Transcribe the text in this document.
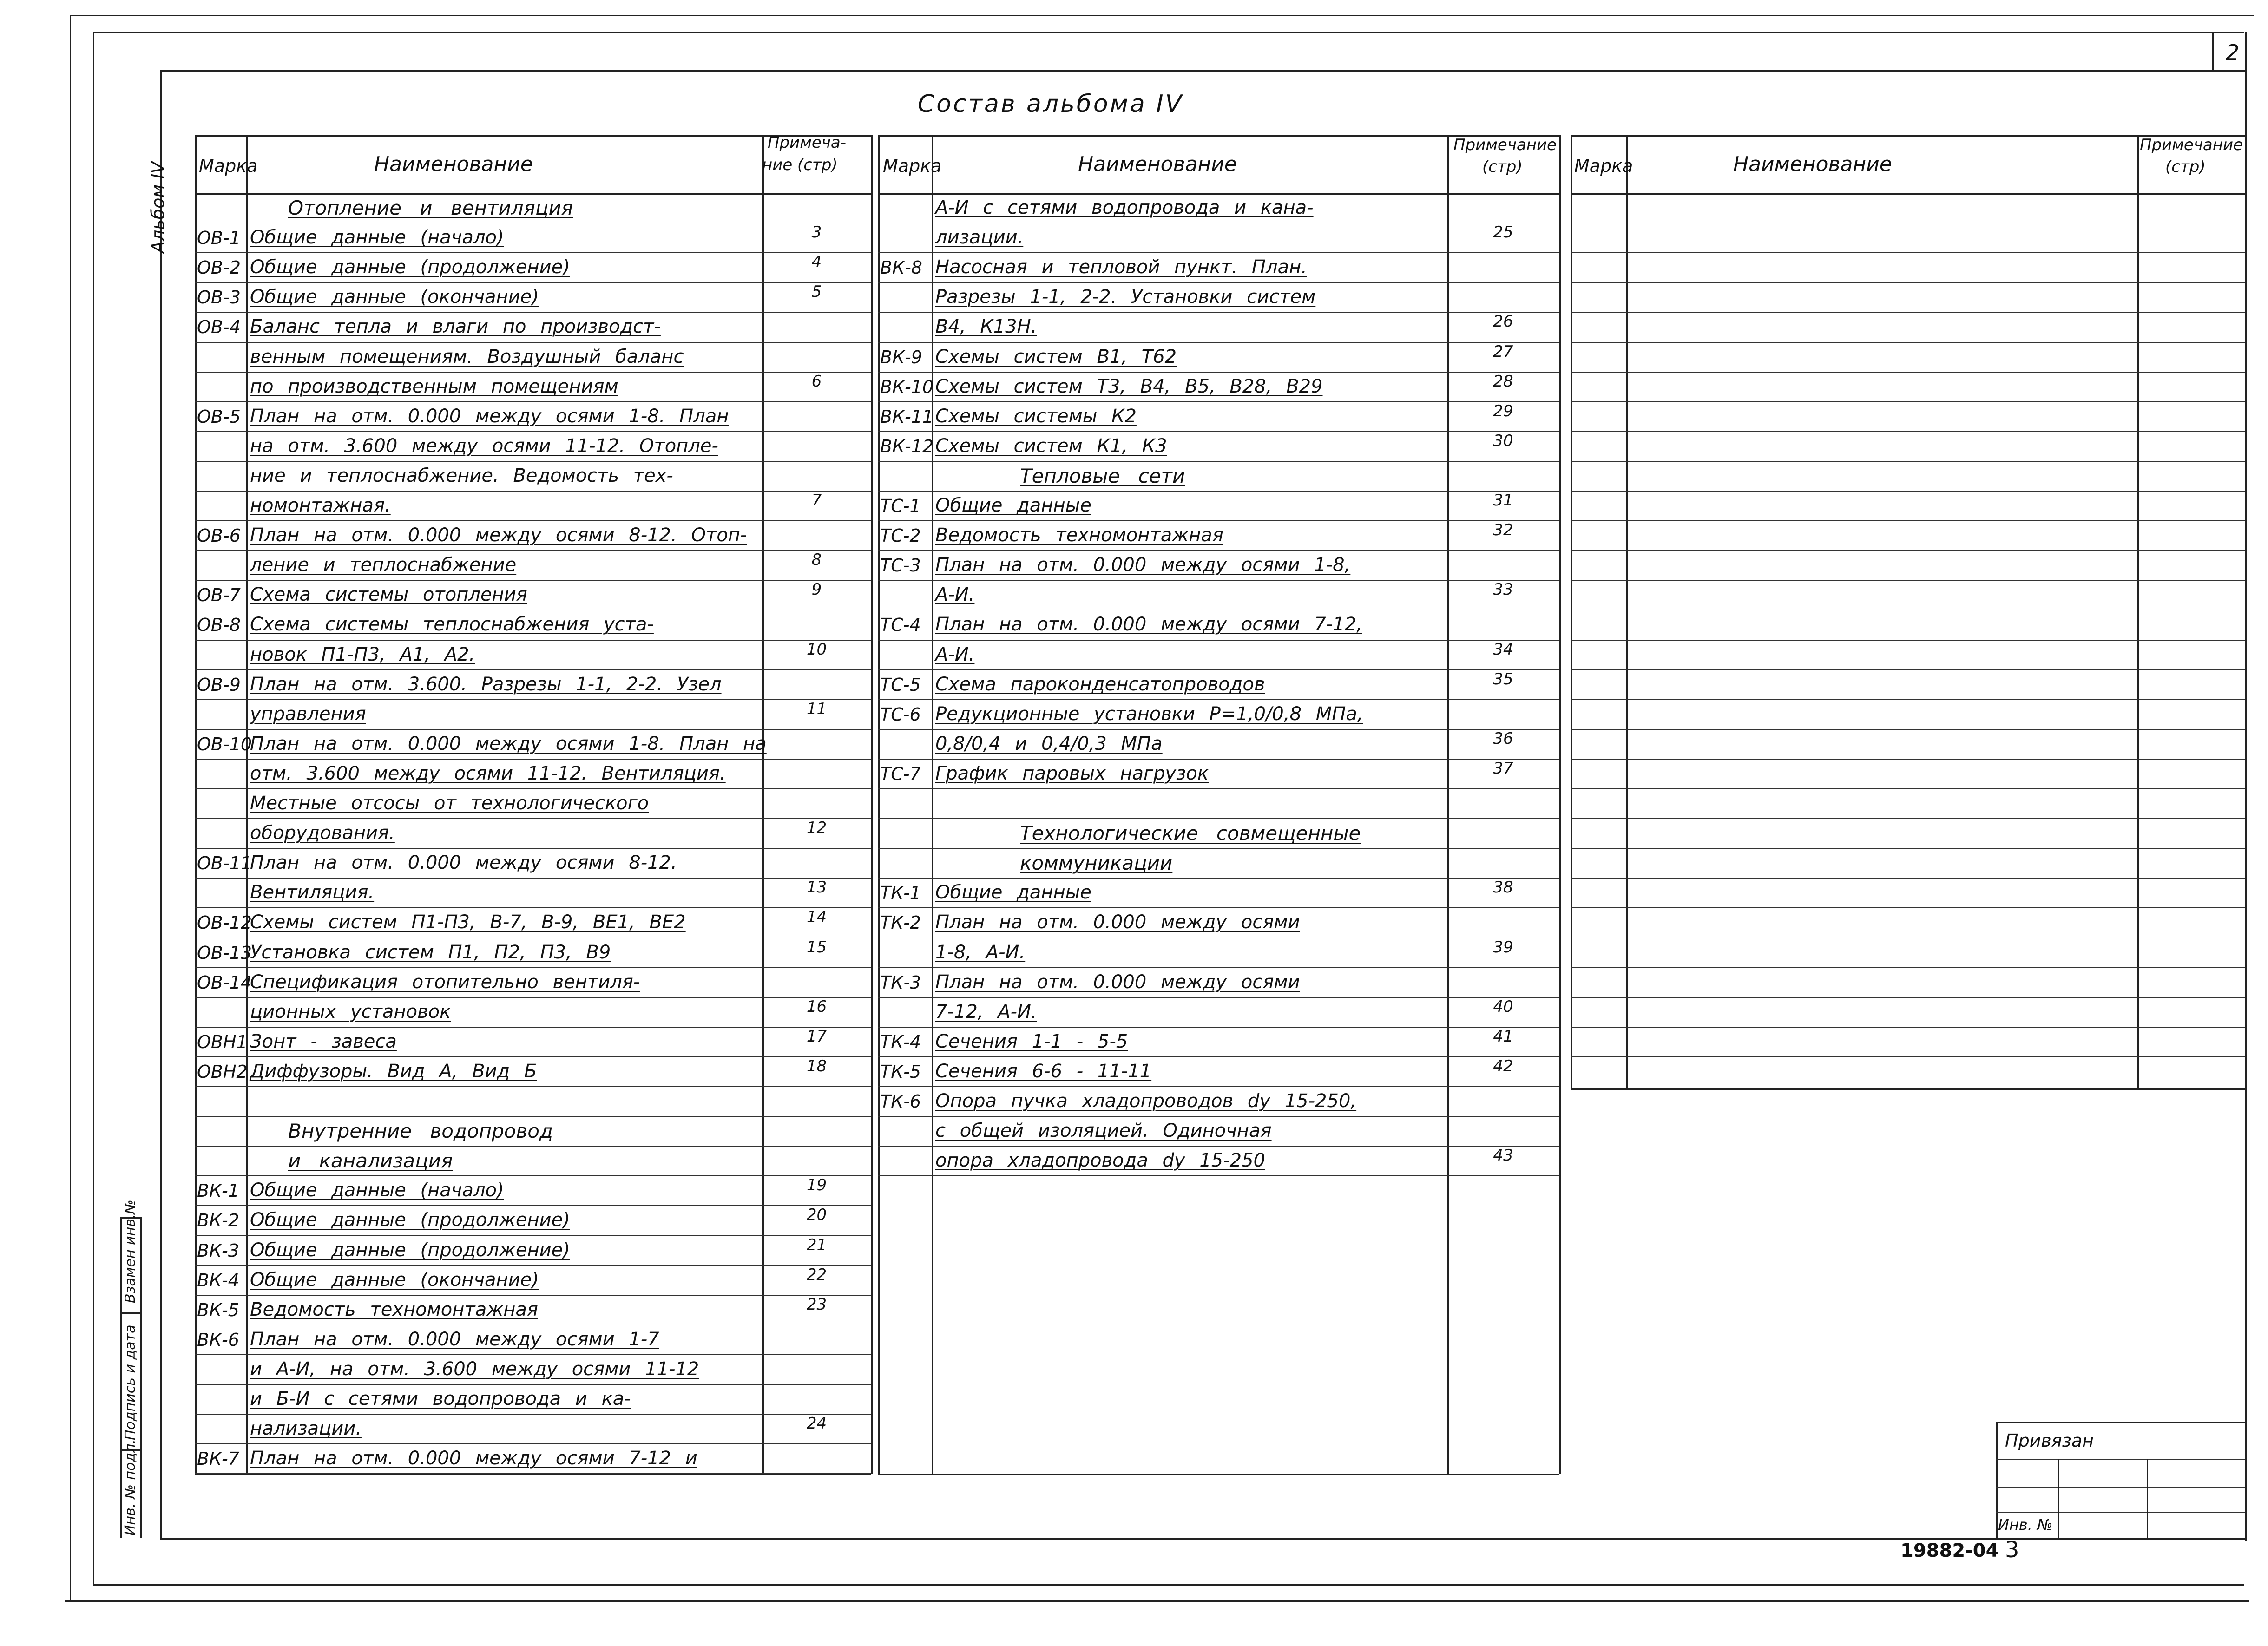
2
Состав альбома IV
Альбом IV Марка	Наименование
Примеча-
ние (стр)
Отопление и вентиляция
ОВ-1 Общие данные (начало)	3
ОВ-2 Общие данные (продолжение)	4
ОВ-3 Общие данные (окончание)	5
ОВ-4 Баланс тепла и влаги по производст-
венным помещениям. Воздушный баланс
по производственным помещениям	6
ОВ-5 План на отм. 0.000 между осями 1-8. План
на отм. 3.600 между осями 11-12. Отопле-
ние и теплоснабжение. Ведомость тех-
номонтажная.	7
ОВ-6 План на отм. 0.000 между осями 8-12. Отоп-
ление и теплоснабжение	8
ОВ-7 Схема системы отопления	9
ОВ-8 Схема системы теплоснабжения уста-
новок П1-П3, А1, А2.	10
ОВ-9 План на отм. 3.600. Разрезы 1-1, 2-2. Узел
управления	11
ОВ-10
План на отм. 0.000 между осями 1-8. План на
отм. 3.600 между осями 11-12. Вентиляция.
Местные отсосы от технологического
оборудования.	12
ОВ-11
План на отм. 0.000 между осями 8-12.
Вентиляция.	13
ОВ-12
Схемы систем П1-П3, В-7, В-9, ВЕ1, ВЕ2	14
ОВ-13
Установка систем П1, П2, П3, В9	15
ОВ-14
Спецификация отопительно вентиля-
ционных установок	16
ОВН1 Зонт - завеса	17
ОВН2 Диффузоры. Вид А, Вид Б	18
Внутренние водопровод
и канализация
ВК-1 Общие данные (начало)	19
ВК-2 Общие данные (продолжение)	20
ВК-3 Общие данные (продолжение)	21
ВК-4 Общие данные (окончание)	22
ВК-5 Ведомость техномонтажная	23
ВК-6 План на отм. 0.000 между осями 1-7
и А-И, на отм. 3.600 между осями 11-12
и Б-И с сетями водопровода и ка-
нализации.	24
ВК-7 План на отм. 0.000 между осями 7-12 и
Марка	Наименование
Примечание
(стр)
А-И с сетями водопровода и кана-
лизации.	25
ВК-8 Насосная и тепловой пункт. План.
Разрезы 1-1, 2-2. Установки систем
В4, К13Н.	26
ВК-9 Схемы систем В1, Т62	27
ВК-10 Схемы систем Т3, В4, В5, В28, В29	28
ВК-11 Схемы системы К2	29
ВК-12 Схемы систем К1, К3	30
Тепловые сети
ТС-1 Общие данные	31
ТС-2 Ведомость техномонтажная	32
ТС-3 План на отм. 0.000 между осями 1-8,
А-И.	33
ТС-4 План на отм. 0.000 между осями 7-12,
А-И.	34
ТС-5 Схема пароконденсатопроводов	35
ТС-6 Редукционные установки P=1,0/0,8 MПа,
0,8/0,4 и 0,4/0,3 MПа	36
ТС-7 График паровых нагрузок	37
Технологические совмещенные
коммуникации
ТК-1 Общие данные	38
ТК-2 План на отм. 0.000 между осями
1-8, А-И.	39
ТК-3 План на отм. 0.000 между осями
7-12, А-И.	40
ТК-4 Сечения 1-1 - 5-5	41
ТК-5 Сечения 6-6 - 11-11	42
ТК-6 Опора пучка хладопроводов dу 15-250,
с общей изоляцией. Одиночная
опора хладопровода dу 15-250	43
Марка	Наименование
Примечание
(стр)
Инв. № подл.
Подпись и дата
Взамен инв.№
Привязан
Инв. №
19882-04 3
